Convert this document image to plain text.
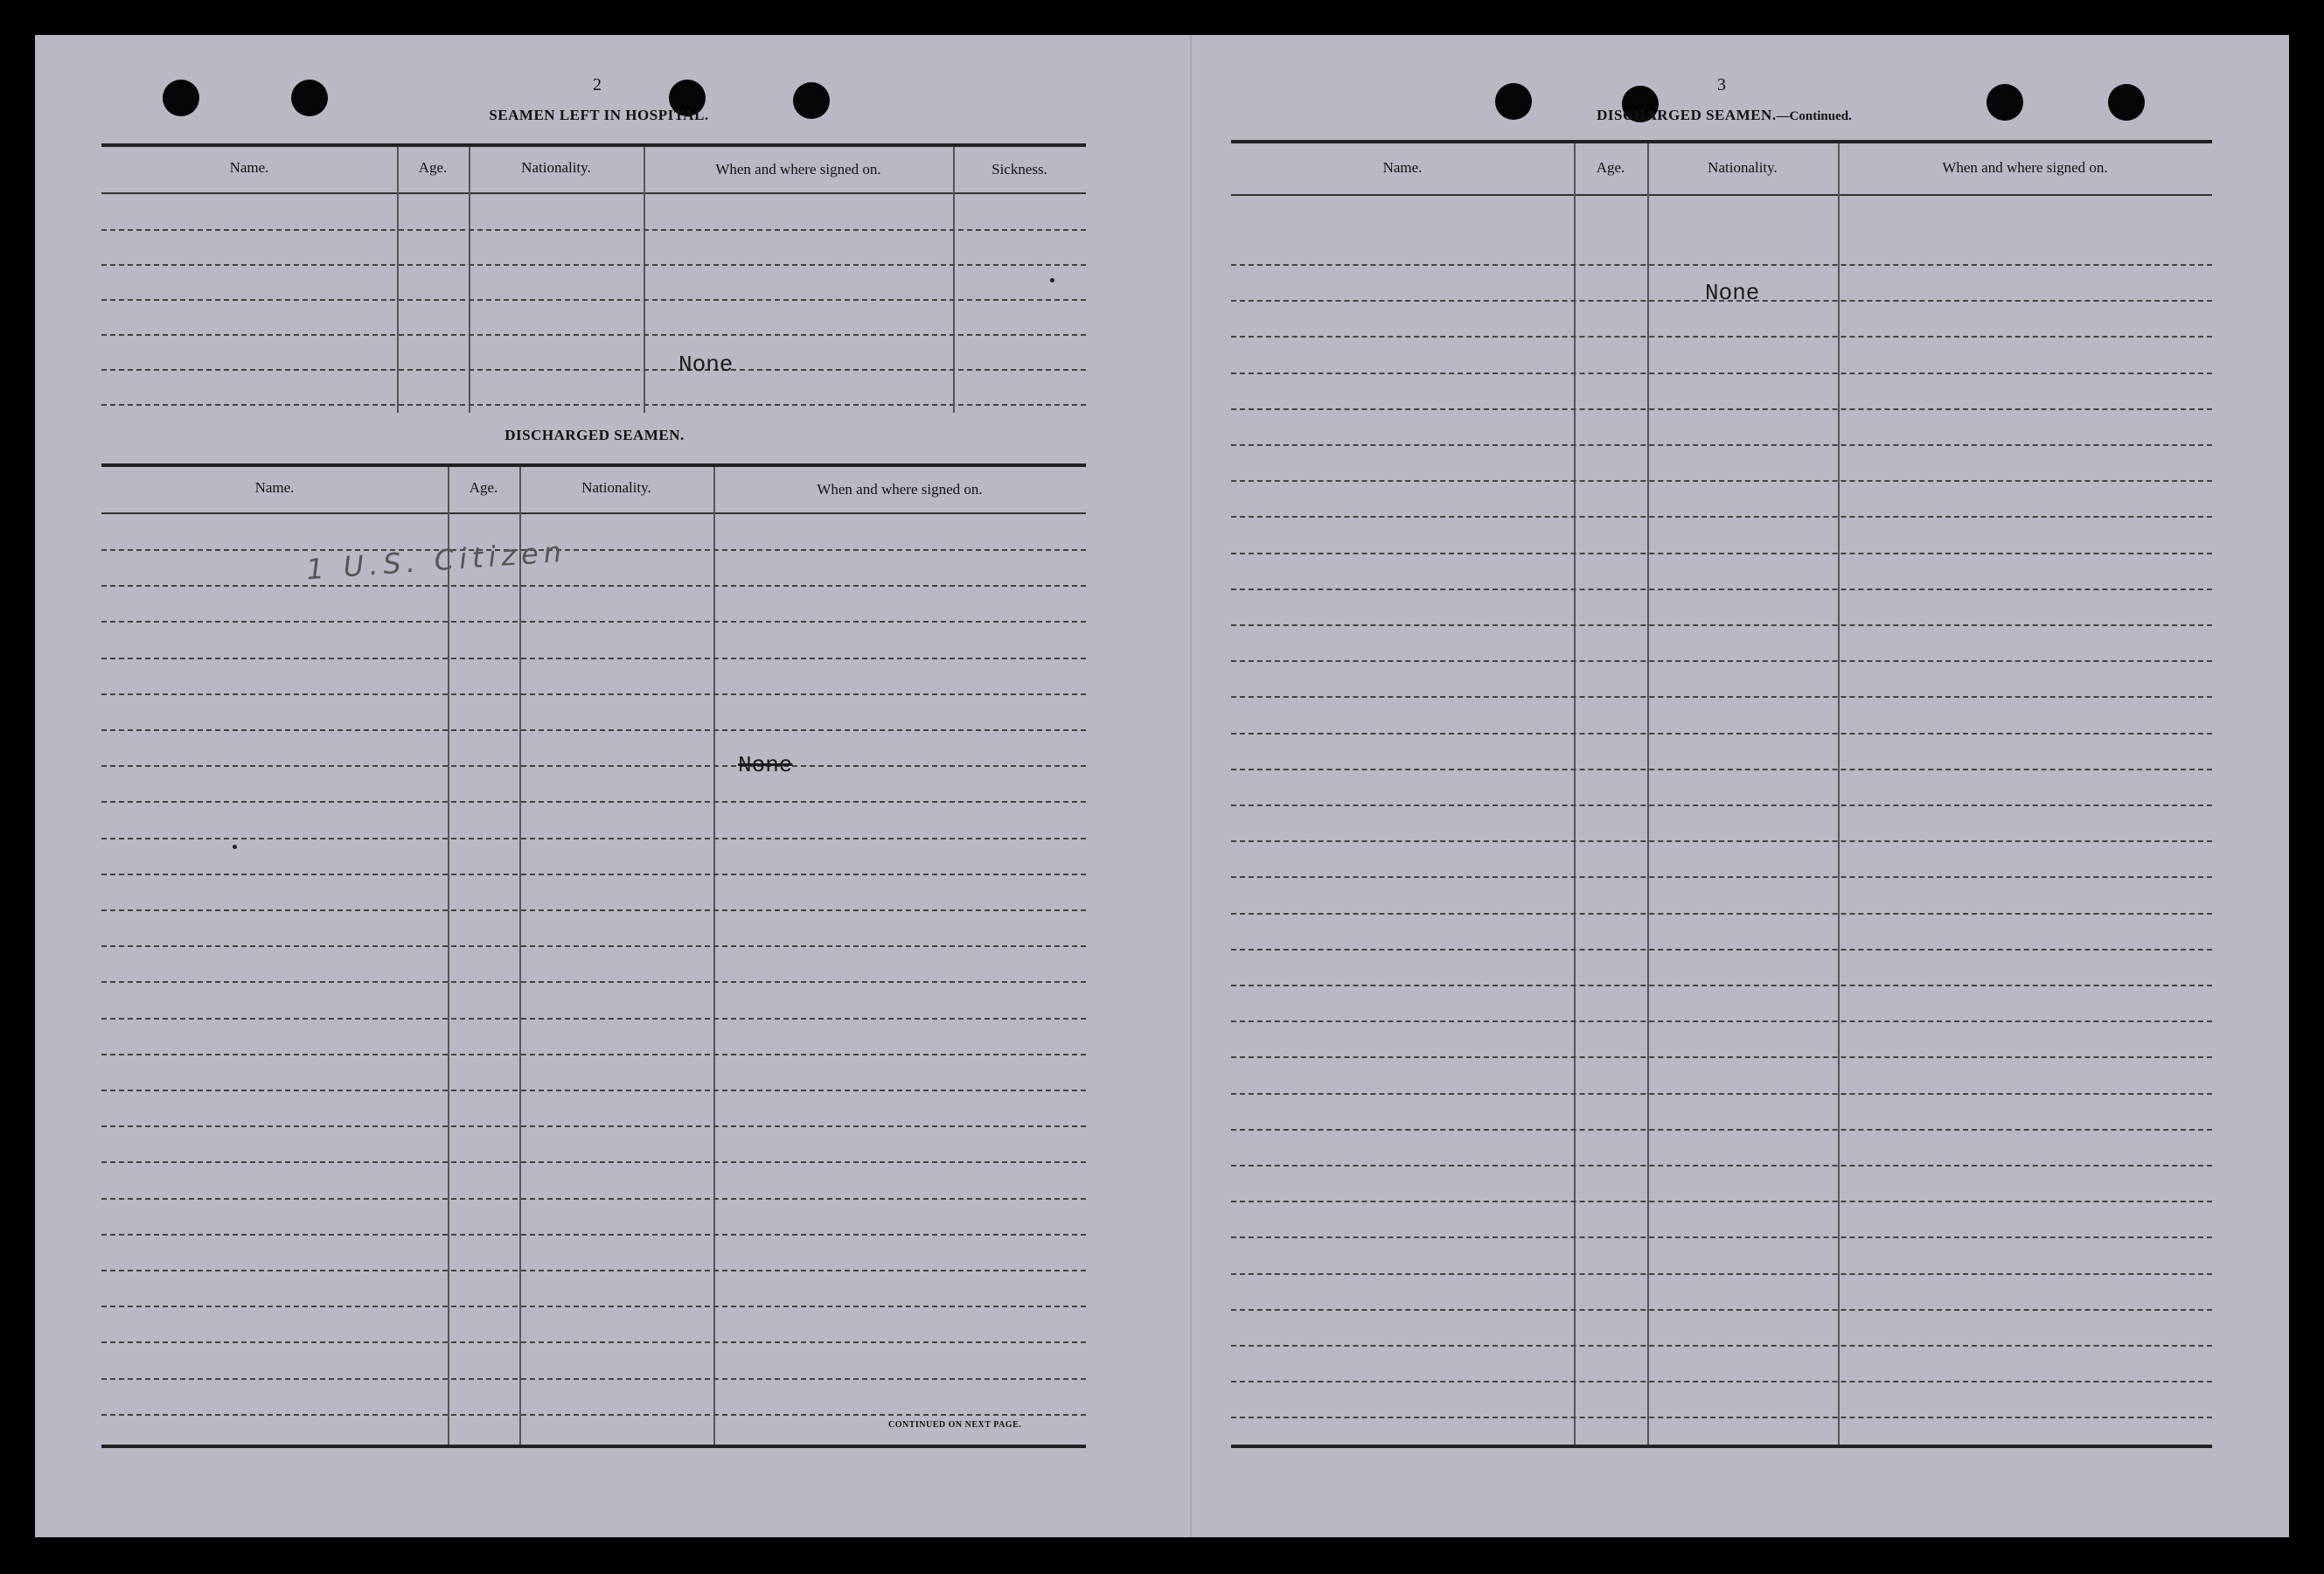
2
SEAMEN LEFT IN HOSPITAL.
Name.	Age.	Nationality.	When and where signed on.	Sickness.
None
DISCHARGED SEAMEN.
Name.	Age.	Nationality.	When and where signed on.
1 U.S. Citizen
None
CONTINUED ON NEXT PAGE.
3
DISCHARGED SEAMEN.—Continued.
Name.	Age.	Nationality.	When and where signed on.
None
